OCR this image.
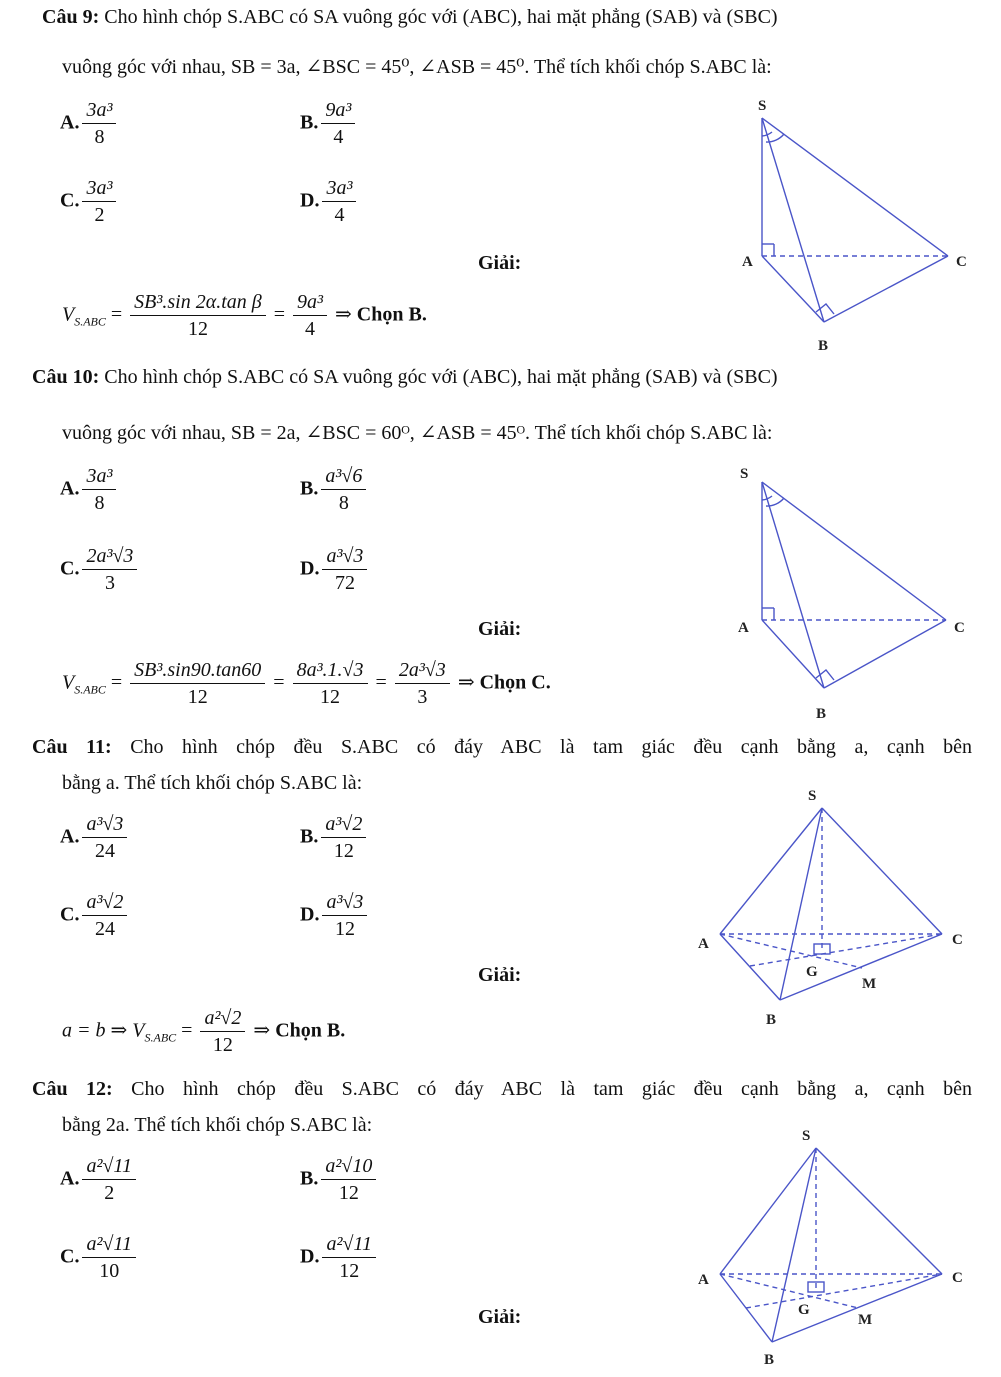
Câu 9: Cho hình chóp S.ABC có SA vuông góc với (ABC), hai mặt phẳng (SAB) và (SBC)
vuông góc với nhau, SB = 3a, ∠BSC = 45⁰, ∠ASB = 45⁰. Thể tích khối chóp S.ABC là:
A. $\frac{\text{3a³}}{8}$	B. $\frac{\text{9a³}}{4}$
C. $\frac{\text{3a³}}{2}$	D. $\frac{\text{3a³}}{4}$
Giải:
$V_{S.ABC} = \frac{\text{SB³.sin 2α.tan β}}{12} = \frac{\text{9a³}}{4}$ ⇒ Chọn B.
S
A	C
B
Câu 10: Cho hình chóp S.ABC có SA vuông góc với (ABC), hai mặt phẳng (SAB) và (SBC)
vuông góc với nhau, SB = 2a, ∠BSC = 60ᴼ, ∠ASB = 45ᴼ. Thể tích khối chóp S.ABC là:
A. $\frac{\text{3a³}}{8}$	B. $\frac{\text{a³√6}}{8}$
C. $\frac{\text{2a³√3}}{3}$	D. $\frac{\text{a³√3}}{72}$
Giải:
$V_{S.ABC} = \frac{\text{SB³.sin90.tan60}}{12} = \frac{\text{8a³.1.√3}}{12} = \frac{\text{2a³√3}}{3}$ ⇒ Chọn C.
S
A	C
B
Câu 11: Cho hình chóp đều S.ABC có đáy ABC là tam giác đều cạnh bằng a, cạnh bên
bằng a. Thể tích khối chóp S.ABC là:
A. $\frac{\text{a³√3}}{24}$	B. $\frac{\text{a³√2}}{12}$
C. $\frac{\text{a³√2}}{24}$	D. $\frac{\text{a³√3}}{12}$
Giải:
a = b ⇒ $V_{S.ABC} = \frac{\text{a²√2}}{12}$ ⇒ Chọn B.
S
A	C
B
G
M
Câu 12: Cho hình chóp đều S.ABC có đáy ABC là tam giác đều cạnh bằng a, cạnh bên
bằng 2a. Thể tích khối chóp S.ABC là:
A. $\frac{\text{a²√11}}{2}$	B. $\frac{\text{a²√10}}{12}$
C. $\frac{\text{a²√11}}{10}$	D. $\frac{\text{a²√11}}{12}$
Giải:
S
A	C
B
G
M
